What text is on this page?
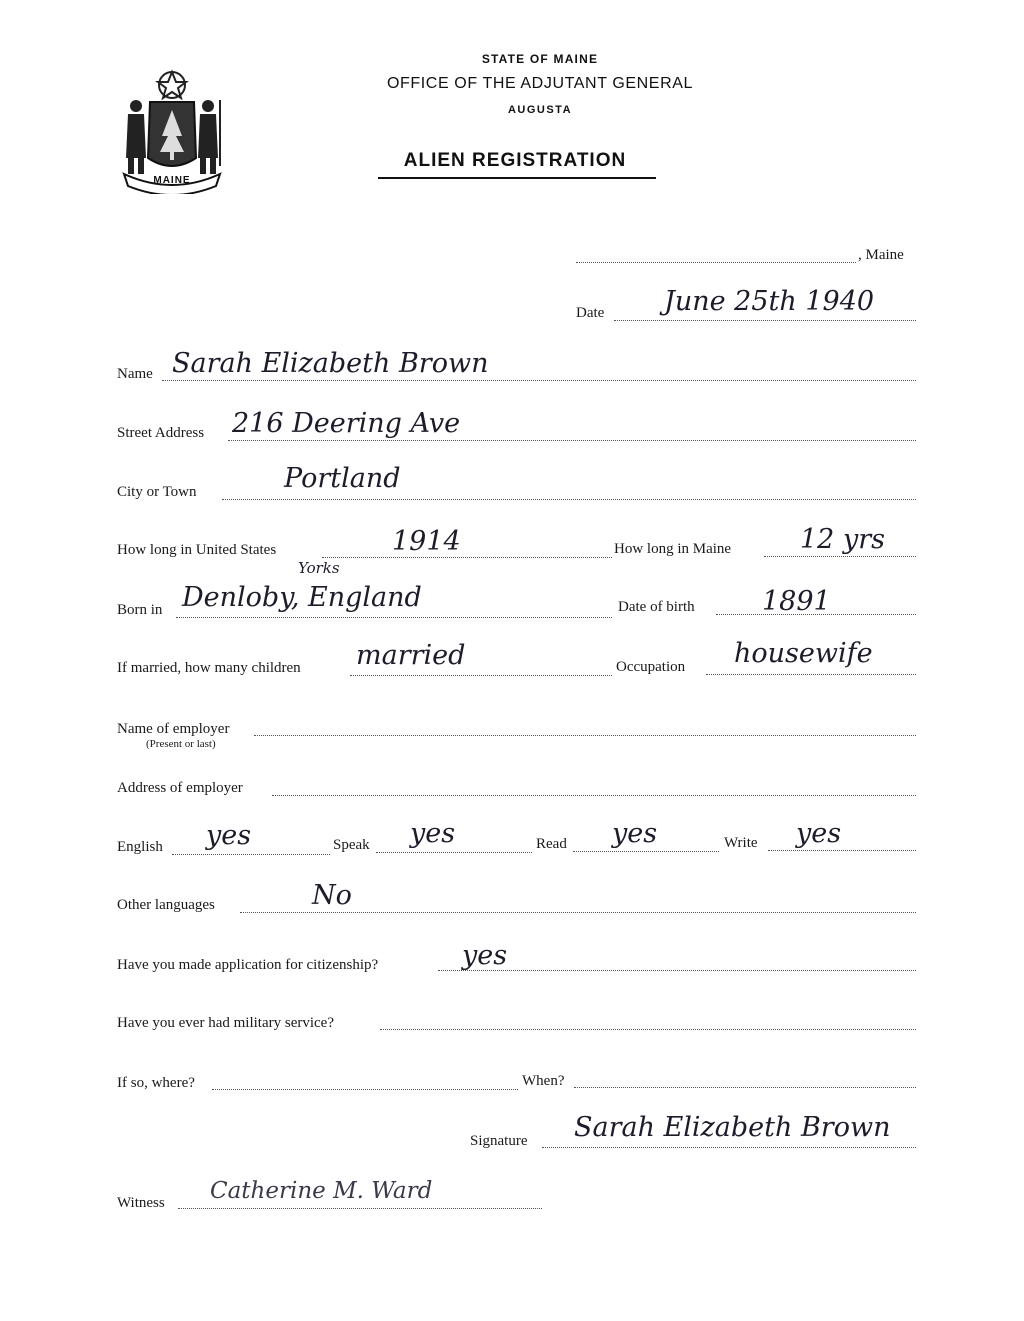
MAINE
STATE OF MAINE
OFFICE OF THE ADJUTANT GENERAL
AUGUSTA
ALIEN REGISTRATION
, Maine
Date June 25th 1940
Name Sarah Elizabeth Brown
Street Address 216 Deering Ave
City or Town	Portland
How long in United States	1914	How long in Maine	12 yrs
Yorks
Born in Denloby, England	Date of birth 1891
If married, how many children married	Occupation housewife
Name of employer
(Present or last)
Address of employer
English yes	Speak yes	Read yes	Write yes
Other languages	No
Have you made application for citizenship?	yes
Have you ever had military service?
If so, where?	When?
Signature Sarah Elizabeth Brown
Witness Catherine M. Ward
